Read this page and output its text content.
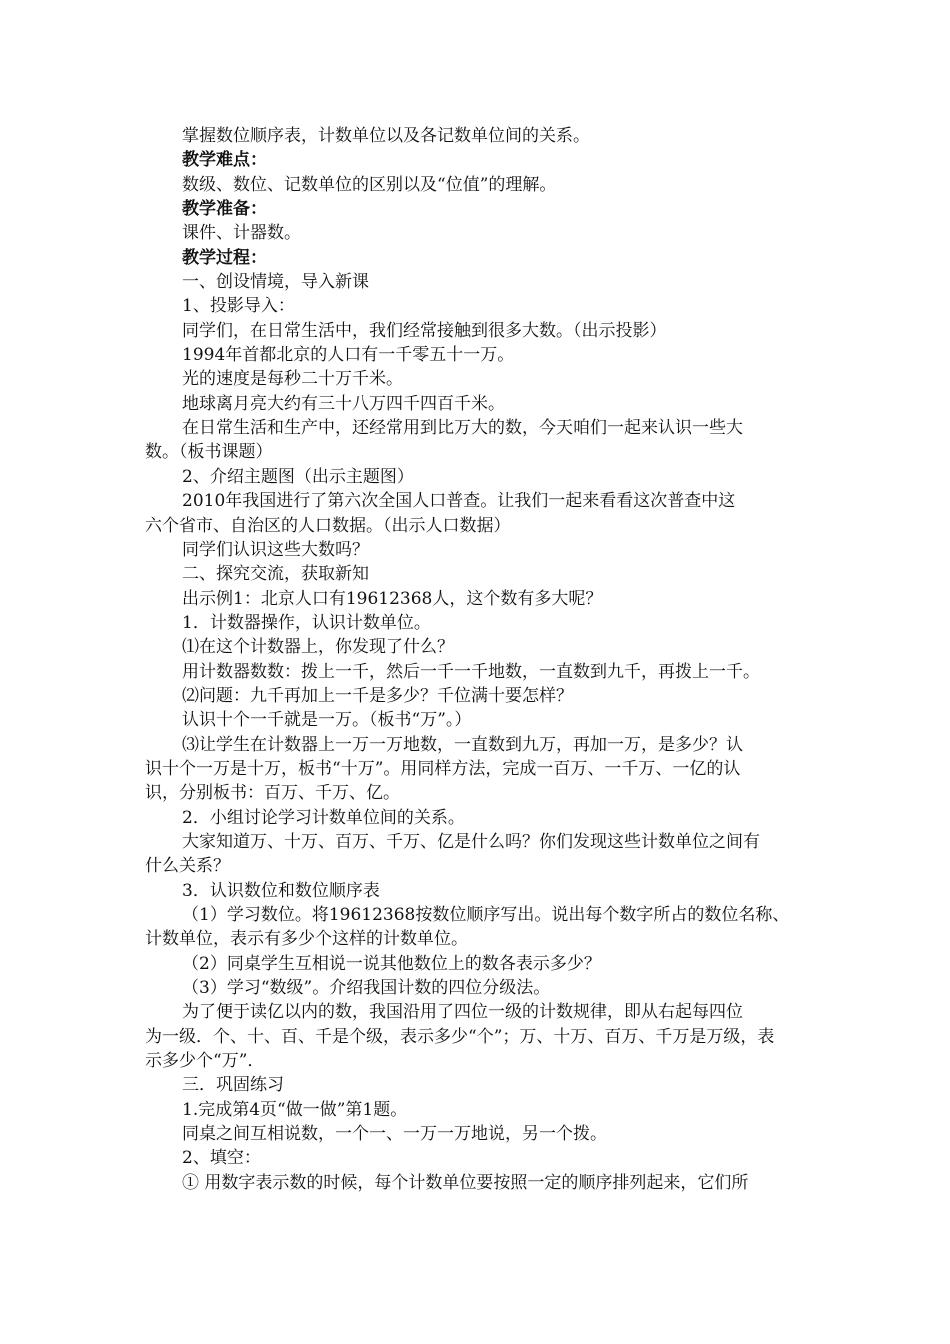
掌握数位顺序表，计数单位以及各记数单位间的关系。
教学难点：
数级、数位、记数单位的区别以及“位值”的理解。
教学准备：
课件、计器数。
教学过程：
一、创设情境，导入新课
1、投影导入：
同学们，在日常生活中，我们经常接触到很多大数。（出示投影）
1994年首都北京的人口有一千零五十一万。
光的速度是每秒二十万千米。
地球离月亮大约有三十八万四千四百千米。
在日常生活和生产中，还经常用到比万大的数，今天咱们一起来认识一些大
数。（板书课题）
2、介绍主题图（出示主题图）
2010年我国进行了第六次全国人口普查。让我们一起来看看这次普查中这
六个省市、自治区的人口数据。（出示人口数据）
同学们认识这些大数吗？
二、探究交流，获取新知
出示例1：北京人口有19612368人，这个数有多大呢？
1．计数器操作，认识计数单位。
⑴在这个计数器上，你发现了什么？
用计数器数数：拨上一千，然后一千一千地数，一直数到九千，再拨上一千。
⑵问题：九千再加上一千是多少？千位满十要怎样？
认识十个一千就是一万。（板书“万”。）
⑶让学生在计数器上一万一万地数，一直数到九万，再加一万，是多少？认
识十个一万是十万，板书“十万”。用同样方法，完成一百万、一千万、一亿的认
识，分别板书：百万、千万、亿。
2．小组讨论学习计数单位间的关系。
大家知道万、十万、百万、千万、亿是什么吗？你们发现这些计数单位之间有
什么关系？
3．认识数位和数位顺序表
（1）学习数位。将19612368按数位顺序写出。说出每个数字所占的数位名称、
计数单位，表示有多少个这样的计数单位。
（2）同桌学生互相说一说其他数位上的数各表示多少？
（3）学习“数级”。介绍我国计数的四位分级法。
为了便于读亿以内的数，我国沿用了四位一级的计数规律，即从右起每四位
为一级．个、十、百、千是个级，表示多少“个”；万、十万、百万、千万是万级，表
示多少个“万”．
三．巩固练习
1.完成第4页“做一做”第1题。
同桌之间互相说数，一个一、一万一万地说，另一个拨。
2、填空：
① 用数字表示数的时候，每个计数单位要按照一定的顺序排列起来，它们所
